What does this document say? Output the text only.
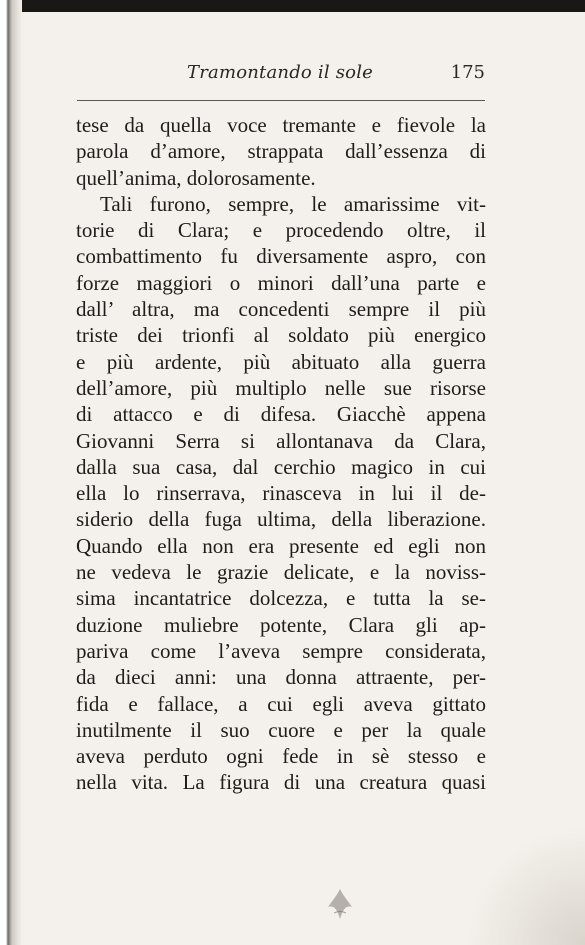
Tramontando il sole	175
tese da quella voce tremante e fievole la
parola d’amore, strappata dall’essenza di
quell’anima, dolorosamente.
Tali furono, sempre, le amarissime vit-
torie di Clara; e procedendo oltre, il
combattimento fu diversamente aspro, con
forze maggiori o minori dall’una parte e
dall’ altra, ma concedenti sempre il più
triste dei trionfi al soldato più energico
e più ardente, più abituato alla guerra
dell’amore, più multiplo nelle sue risorse
di attacco e di difesa. Giacchè appena
Giovanni Serra si allontanava da Clara,
dalla sua casa, dal cerchio magico in cui
ella lo rinserrava, rinasceva in lui il de-
siderio della fuga ultima, della liberazione.
Quando ella non era presente ed egli non
ne vedeva le grazie delicate, e la noviss-
sima incantatrice dolcezza, e tutta la se-
duzione muliebre potente, Clara gli ap-
pariva come l’aveva sempre considerata,
da dieci anni: una donna attraente, per-
fida e fallace, a cui egli aveva gittato
inutilmente il suo cuore e per la quale
aveva perduto ogni fede in sè stesso e
nella vita. La figura di una creatura quasi
